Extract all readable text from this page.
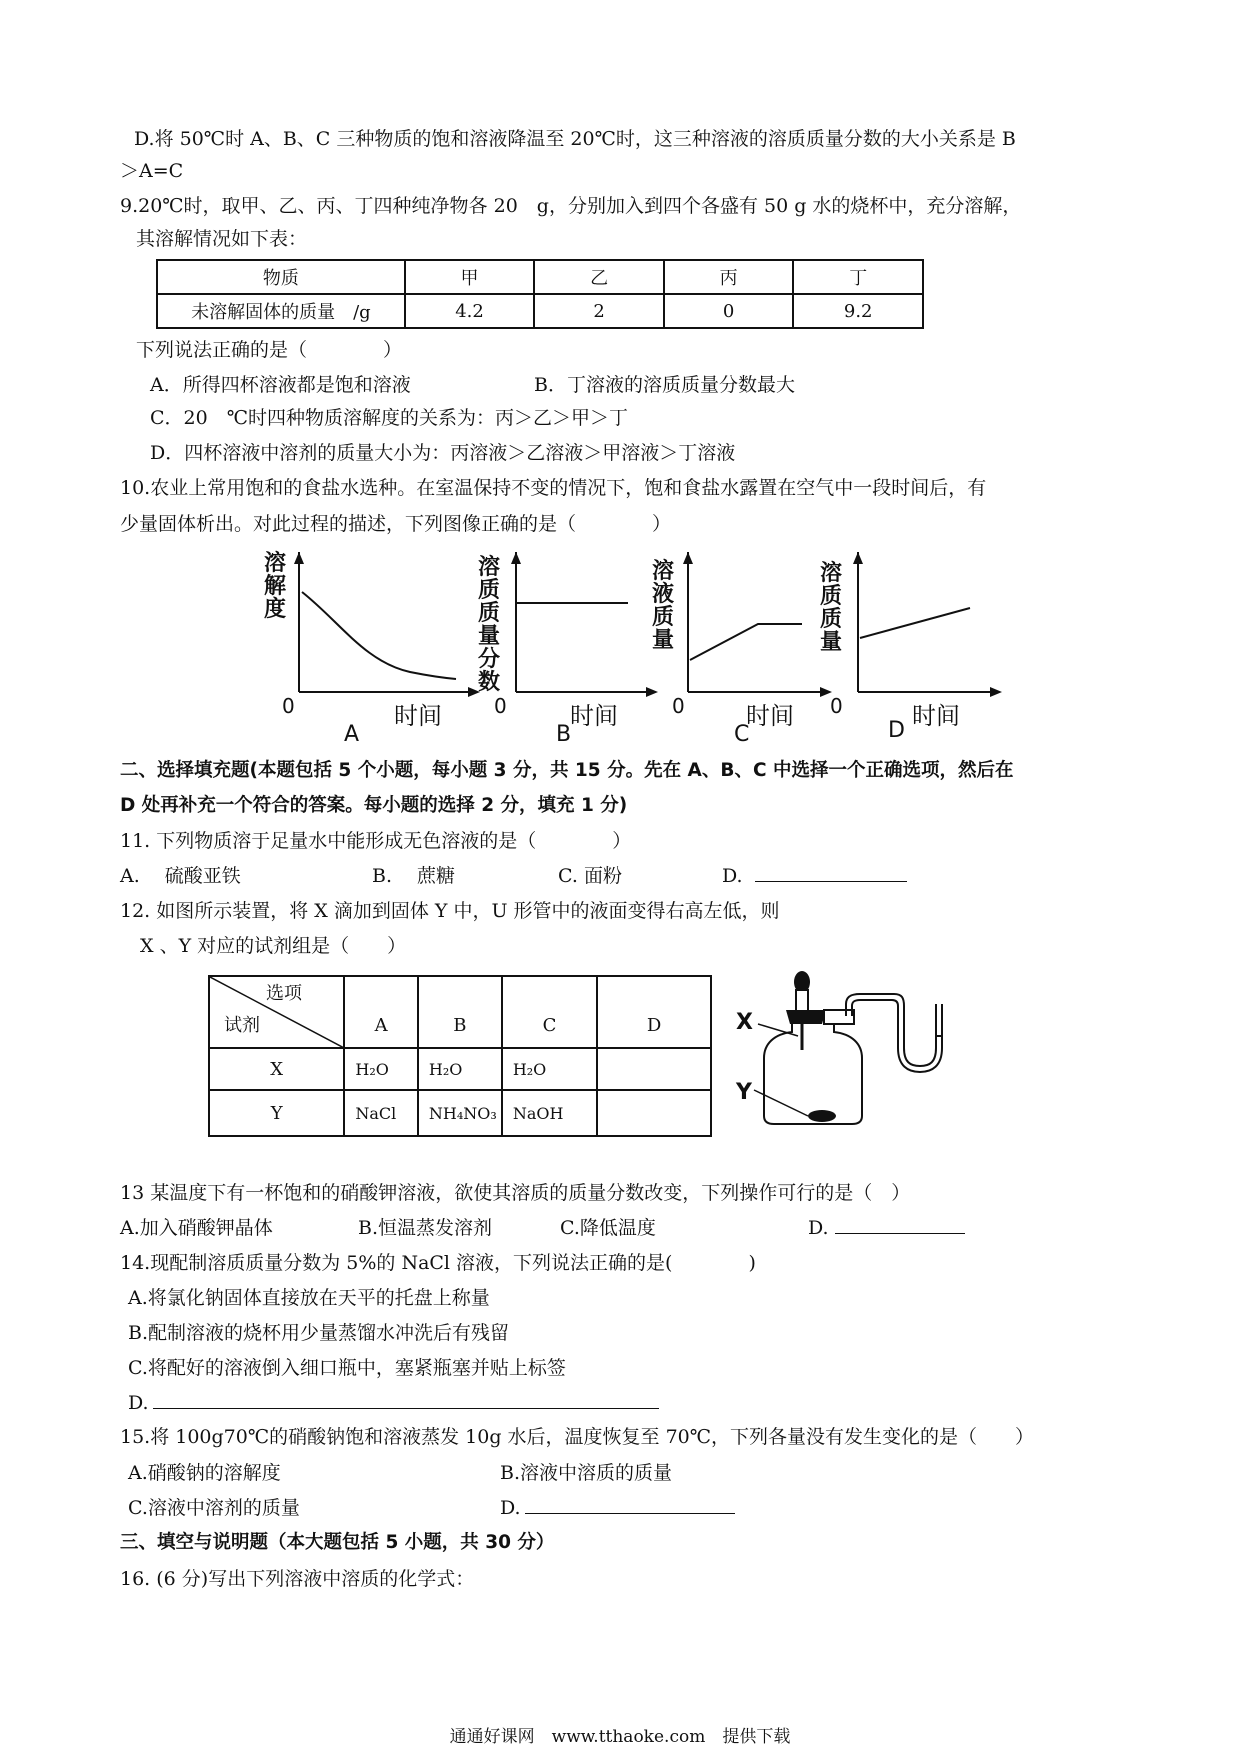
D.将 50℃时 A、B、C 三种物质的饱和溶液降温至 20℃时，这三种溶液的溶质质量分数的大小关系是 B
＞A=C
9.20℃时，取甲、乙、丙、丁四种纯净物各 20　g，分别加入到四个各盛有 50 g 水的烧杯中，充分溶解，
其溶解情况如下表：
物质	甲	乙	丙	丁
未溶解固体的质量　/g	4.2	2	0	9.2
下列说法正确的是（　　　　）
A．所得四杯溶液都是饱和溶液	B．丁溶液的溶质质量分数最大
C．20　℃时四种物质溶解度的关系为：丙＞乙＞甲＞丁
D．四杯溶液中溶剂的质量大小为：丙溶液＞乙溶液＞甲溶液＞丁溶液
10.农业上常用饱和的食盐水选种。在室温保持不变的情况下，饱和食盐水露置在空气中一段时间后，有
少量固体析出。对此过程的描述，下列图像正确的是（　　　　）
溶
解
度
0	时间
A
溶
质
质
量
分
数
0	时间
B
溶
液
质
量
0	时间
C
溶
质
质
量
0	时间
D
二、选择填充题(本题包括 5 个小题，每小题 3 分，共 15 分。先在 A、B、C 中选择一个正确选项，然后在
D 处再补充一个符合的答案。每小题的选择 2 分，填充 1 分)
11. 下列物质溶于足量水中能形成无色溶液的是（　　　　）
A.　 硫酸亚铁	B.　 蔗糖	C. 面粉	D.
12. 如图所示装置，将 X 滴加到固体 Y 中，U 形管中的液面变得右高左低，则
X 、Y 对应的试剂组是（　　）
选项
试剂	A	B	C	D
X	H₂O	H₂O	H₂O	
Y	NaCl	NH₄NO₃	NaOH	
X
Y
13 某温度下有一杯饱和的硝酸钾溶液，欲使其溶质的质量分数改变，下列操作可行的是（　）
A.加入硝酸钾晶体	B.恒温蒸发溶剂	C.降低温度	D.
14.现配制溶质质量分数为 5%的 NaCl 溶液，下列说法正确的是(　　　　)
A.将氯化钠固体直接放在天平的托盘上称量
B.配制溶液的烧杯用少量蒸馏水冲洗后有残留
C.将配好的溶液倒入细口瓶中，塞紧瓶塞并贴上标签
D.
15.将 100g70℃的硝酸钠饱和溶液蒸发 10g 水后，温度恢复至 70℃，下列各量没有发生变化的是（　　）
A.硝酸钠的溶解度	B.溶液中溶质的质量
C.溶液中溶剂的质量	D.
三、填空与说明题（本大题包括 5 小题，共 30 分）
16. (6 分)写出下列溶液中溶质的化学式：
通通好课网　www.tthaoke.com　提供下载
